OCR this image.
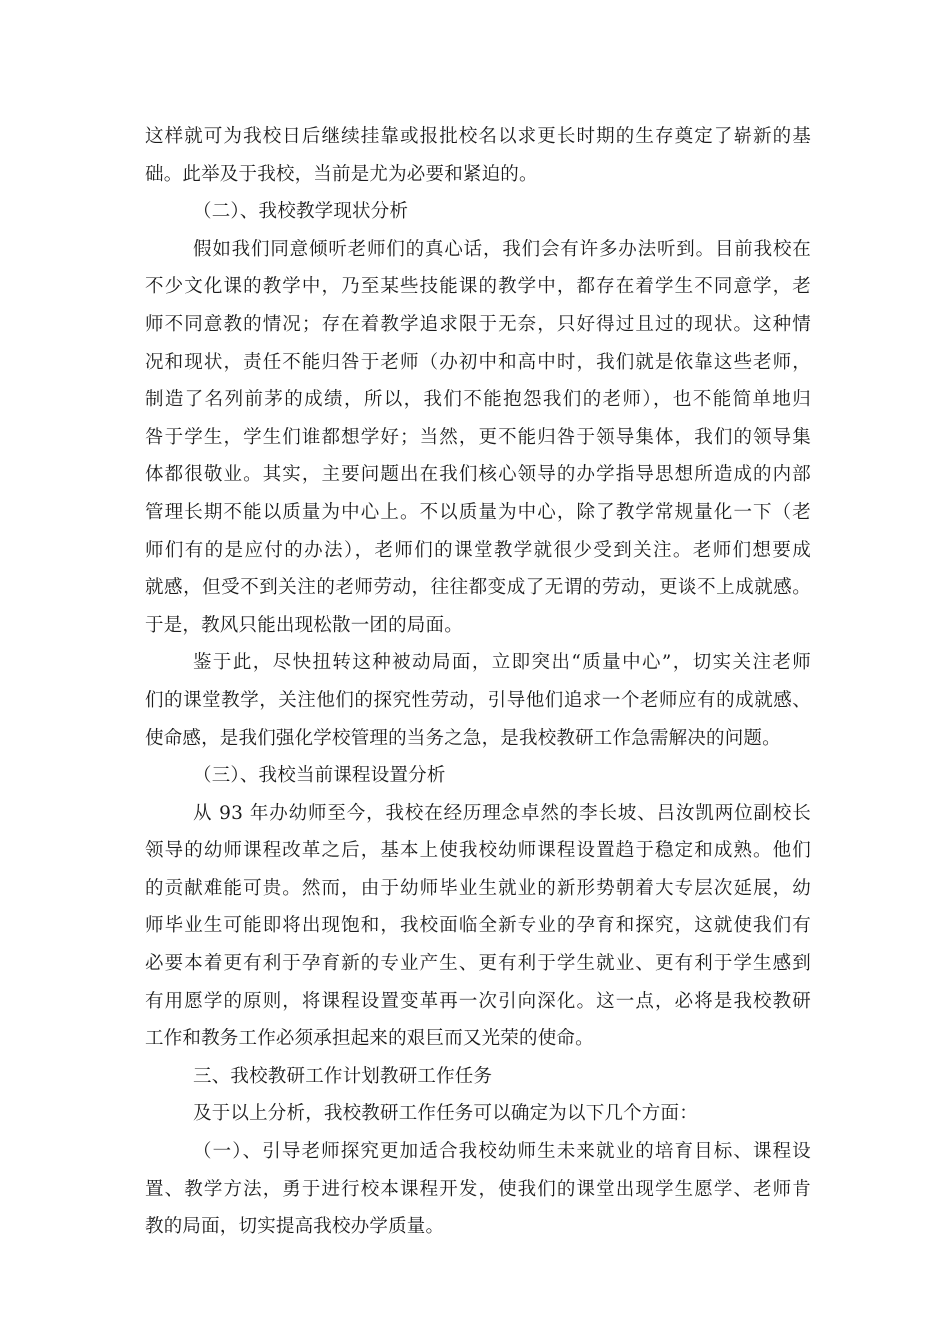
这样就可为我校日后继续挂靠或报批校名以求更长时期的生存奠定了崭新的基
础。此举及于我校，当前是尤为必要和紧迫的。

（二）、我校教学现状分析

假如我们同意倾听老师们的真心话，我们会有许多办法听到。目前我校在
不少文化课的教学中，乃至某些技能课的教学中，都存在着学生不同意学，老
师不同意教的情况；存在着教学追求限于无奈，只好得过且过的现状。这种情
况和现状，责任不能归咎于老师（办初中和高中时，我们就是依靠这些老师，
制造了名列前茅的成绩，所以，我们不能抱怨我们的老师），也不能简单地归
咎于学生，学生们谁都想学好；当然，更不能归咎于领导集体，我们的领导集
体都很敬业。其实，主要问题出在我们核心领导的办学指导思想所造成的内部
管理长期不能以质量为中心上。不以质量为中心，除了教学常规量化一下（老
师们有的是应付的办法），老师们的课堂教学就很少受到关注。老师们想要成
就感，但受不到关注的老师劳动，往往都变成了无谓的劳动，更谈不上成就感。
于是，教风只能出现松散一团的局面。

鉴于此，尽快扭转这种被动局面，立即突出“质量中心”，切实关注老师
们的课堂教学，关注他们的探究性劳动，引导他们追求一个老师应有的成就感、
使命感，是我们强化学校管理的当务之急，是我校教研工作急需解决的问题。

（三）、我校当前课程设置分析

从 93 年办幼师至今，我校在经历理念卓然的李长坡、吕汝凯两位副校长
领导的幼师课程改革之后，基本上使我校幼师课程设置趋于稳定和成熟。他们
的贡献难能可贵。然而，由于幼师毕业生就业的新形势朝着大专层次延展，幼
师毕业生可能即将出现饱和，我校面临全新专业的孕育和探究，这就使我们有
必要本着更有利于孕育新的专业产生、更有利于学生就业、更有利于学生感到
有用愿学的原则，将课程设置变革再一次引向深化。这一点，必将是我校教研
工作和教务工作必须承担起来的艰巨而又光荣的使命。

三、我校教研工作计划教研工作任务

及于以上分析，我校教研工作任务可以确定为以下几个方面：

（一）、引导老师探究更加适合我校幼师生未来就业的培育目标、课程设
置、教学方法，勇于进行校本课程开发，使我们的课堂出现学生愿学、老师肯
教的局面，切实提高我校办学质量。
